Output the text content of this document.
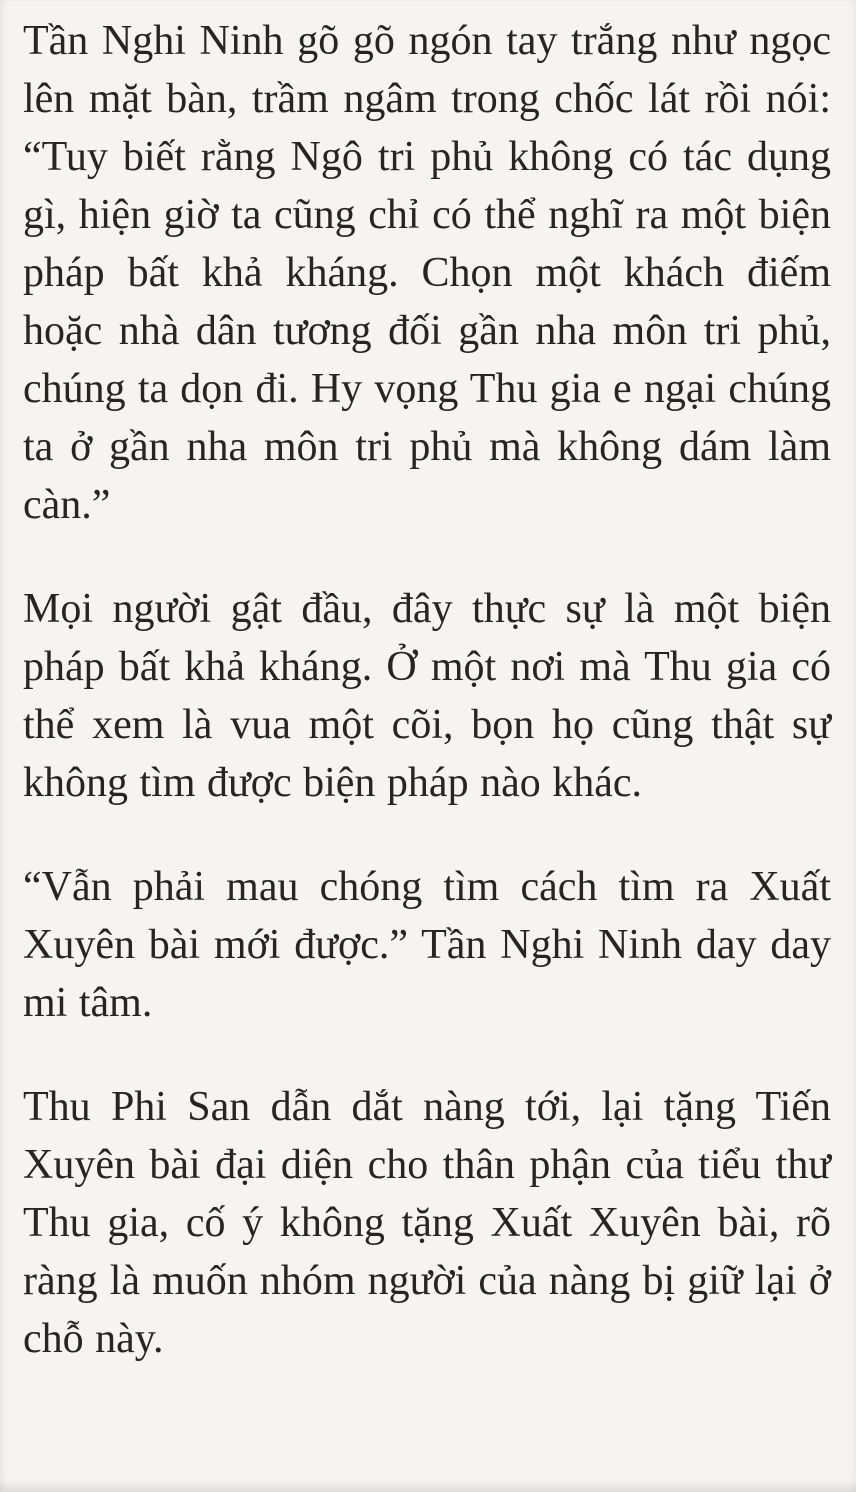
Tần Nghi Ninh gõ gõ ngón tay trắng như ngọc lên mặt bàn, trầm ngâm trong chốc lát rồi nói: “Tuy biết rằng Ngô tri phủ không có tác dụng gì, hiện giờ ta cũng chỉ có thể nghĩ ra một biện pháp bất khả kháng. Chọn một khách điếm hoặc nhà dân tương đối gần nha môn tri phủ, chúng ta dọn đi. Hy vọng Thu gia e ngại chúng ta ở gần nha môn tri phủ mà không dám làm càn.”

Mọi người gật đầu, đây thực sự là một biện pháp bất khả kháng. Ở một nơi mà Thu gia có thể xem là vua một cõi, bọn họ cũng thật sự không tìm được biện pháp nào khác.

“Vẫn phải mau chóng tìm cách tìm ra Xuất Xuyên bài mới được.” Tần Nghi Ninh day day mi tâm.

Thu Phi San dẫn dắt nàng tới, lại tặng Tiến Xuyên bài đại diện cho thân phận của tiểu thư Thu gia, cố ý không tặng Xuất Xuyên bài, rõ ràng là muốn nhóm người của nàng bị giữ lại ở chỗ này.
